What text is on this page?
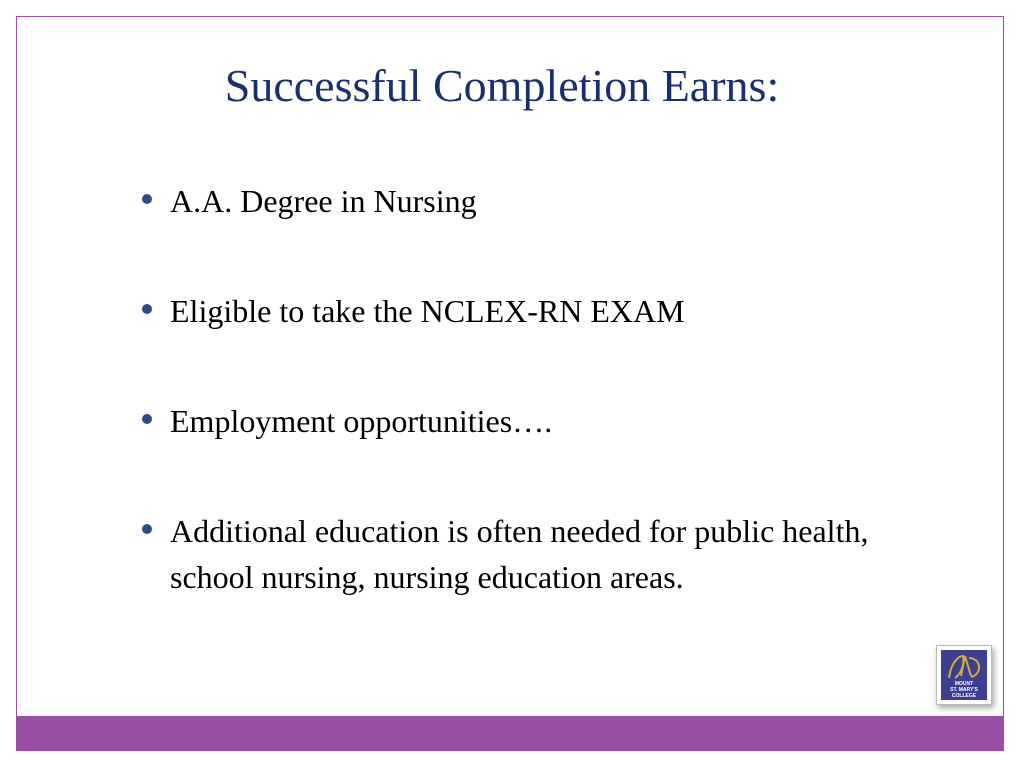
Successful Completion Earns:
A.A. Degree in Nursing
Eligible to take the NCLEX-RN EXAM
Employment opportunities….
Additional education is often needed for public health, school nursing, nursing education areas.
MOUNT
ST. MARY'S
COLLEGE
